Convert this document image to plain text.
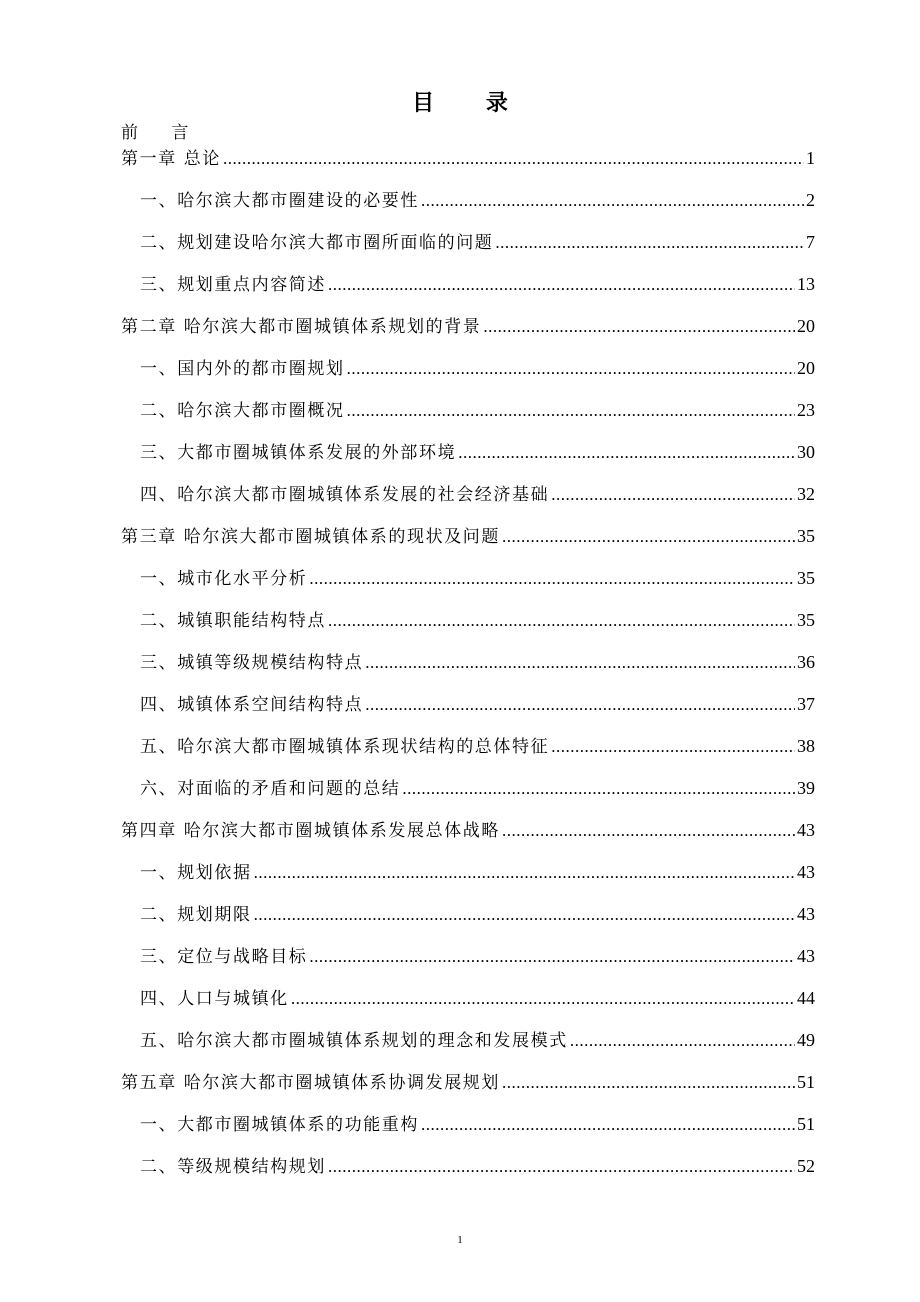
目 录
前 言
第一章 总论 .....	1
一、哈尔滨大都市圈建设的必要性 .....	2
二、规划建设哈尔滨大都市圈所面临的问题 .....	7
三、规划重点内容简述 .....	13
第二章 哈尔滨大都市圈城镇体系规划的背景 .....	20
一、国内外的都市圈规划 .....	20
二、哈尔滨大都市圈概况 .....	23
三、大都市圈城镇体系发展的外部环境 .....	30
四、哈尔滨大都市圈城镇体系发展的社会经济基础 .....	32
第三章 哈尔滨大都市圈城镇体系的现状及问题 .....	35
一、城市化水平分析 .....	35
二、城镇职能结构特点 .....	35
三、城镇等级规模结构特点 .....	36
四、城镇体系空间结构特点 .....	37
五、哈尔滨大都市圈城镇体系现状结构的总体特征 .....	38
六、对面临的矛盾和问题的总结 .....	39
第四章 哈尔滨大都市圈城镇体系发展总体战略 .....	43
一、规划依据 .....	43
二、规划期限 .....	43
三、定位与战略目标 .....	43
四、人口与城镇化 .....	44
五、哈尔滨大都市圈城镇体系规划的理念和发展模式 .....	49
第五章 哈尔滨大都市圈城镇体系协调发展规划 .....	51
一、大都市圈城镇体系的功能重构 .....	51
二、等级规模结构规划 .....	52
1
